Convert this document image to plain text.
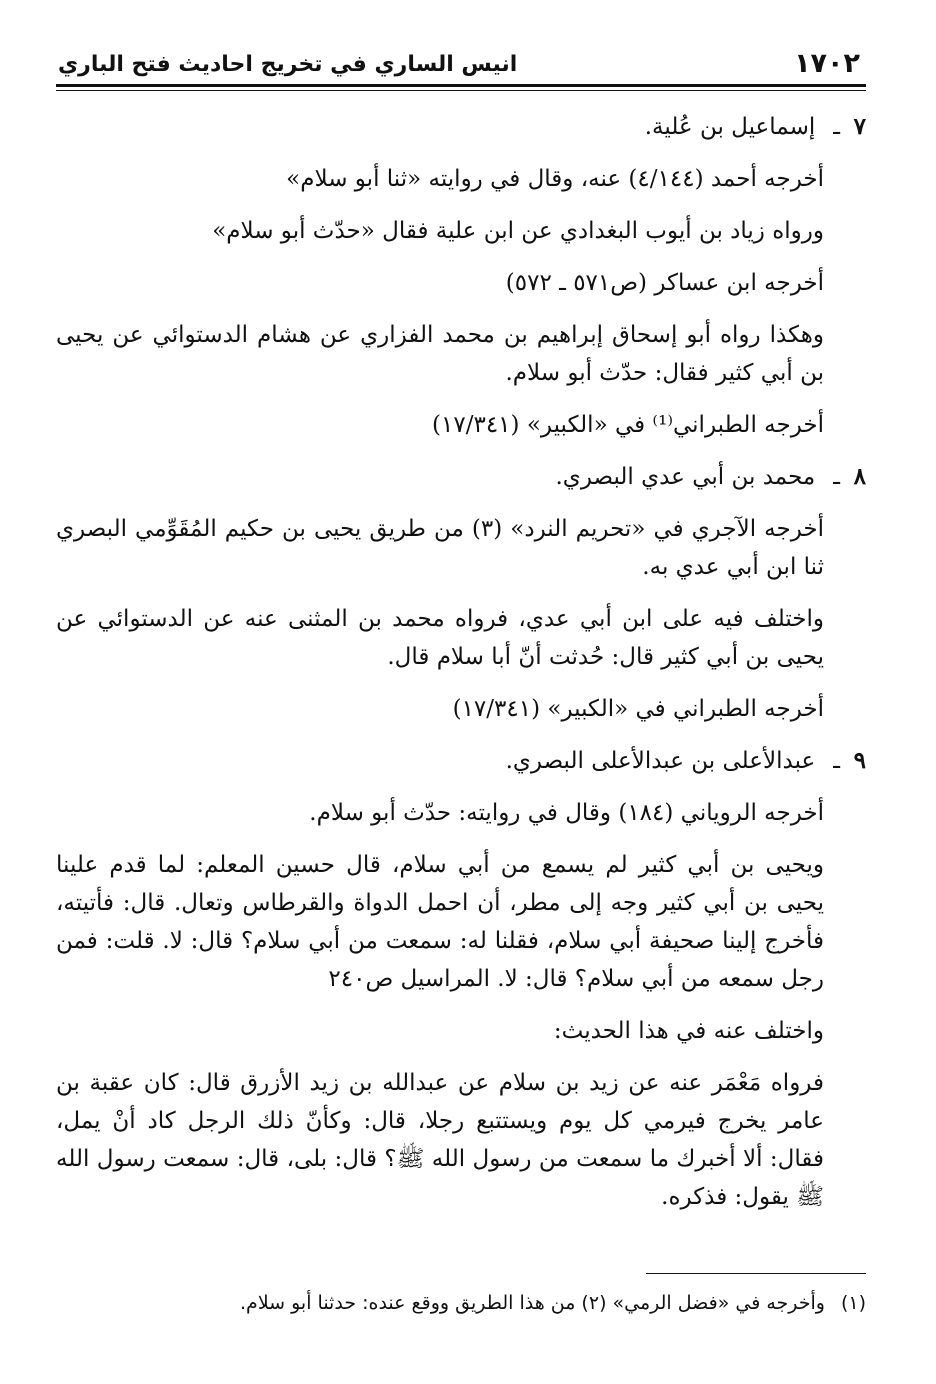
١٧٠٢
انيس الساري في تخريج احاديث فتح الباري
٧ـإسماعيل بن عُلية.

أخرجه أحمد (٤/١٤٤) عنه، وقال في روايته «ثنا أبو سلام»

ورواه زياد بن أيوب البغدادي عن ابن علية فقال «حدّث أبو سلام»

أخرجه ابن عساكر (ص٥٧١ ـ ٥٧٢)

وهكذا رواه أبو إسحاق إبراهيم بن محمد الفزاري عن هشام الدستوائي عن يحيى بن أبي كثير فقال: حدّث أبو سلام.

أخرجه الطبراني⁽¹⁾ في «الكبير» (١٧/٣٤١)

٨ـمحمد بن أبي عدي البصري.

أخرجه الآجري في «تحريم النرد» (٣) من طريق يحيى بن حكيم المُقَوِّمي البصري ثنا ابن أبي عدي به.

واختلف فيه على ابن أبي عدي، فرواه محمد بن المثنى عنه عن الدستوائي عن يحيى بن أبي كثير قال: حُدثت أنّ أبا سلام قال.

أخرجه الطبراني في «الكبير» (١٧/٣٤١)

٩ـعبدالأعلى بن عبدالأعلى البصري.

أخرجه الروياني (١٨٤) وقال في روايته: حدّث أبو سلام.

ويحيى بن أبي كثير لم يسمع من أبي سلام، قال حسين المعلم: لما قدم علينا يحيى بن أبي كثير وجه إلى مطر، أن احمل الدواة والقرطاس وتعال. قال: فأتيته، فأخرج إلينا صحيفة أبي سلام، فقلنا له: سمعت من أبي سلام؟ قال: لا. قلت: فمن رجل سمعه من أبي سلام؟ قال: لا. المراسيل ص٢٤٠

واختلف عنه في هذا الحديث:

فرواه مَعْمَر عنه عن زيد بن سلام عن عبدالله بن زيد الأزرق قال: كان عقبة بن عامر يخرج فيرمي كل يوم ويستتبع رجلا، قال: وكأنّ ذلك الرجل كاد أنْ يمل، فقال: ألا أخبرك ما سمعت من رسول الله ﷺ؟ قال: بلى، قال: سمعت رسول الله ﷺ يقول: فذكره.

(١)وأخرجه في «فضل الرمي» (٢) من هذا الطريق ووقع عنده: حدثنا أبو سلام.
